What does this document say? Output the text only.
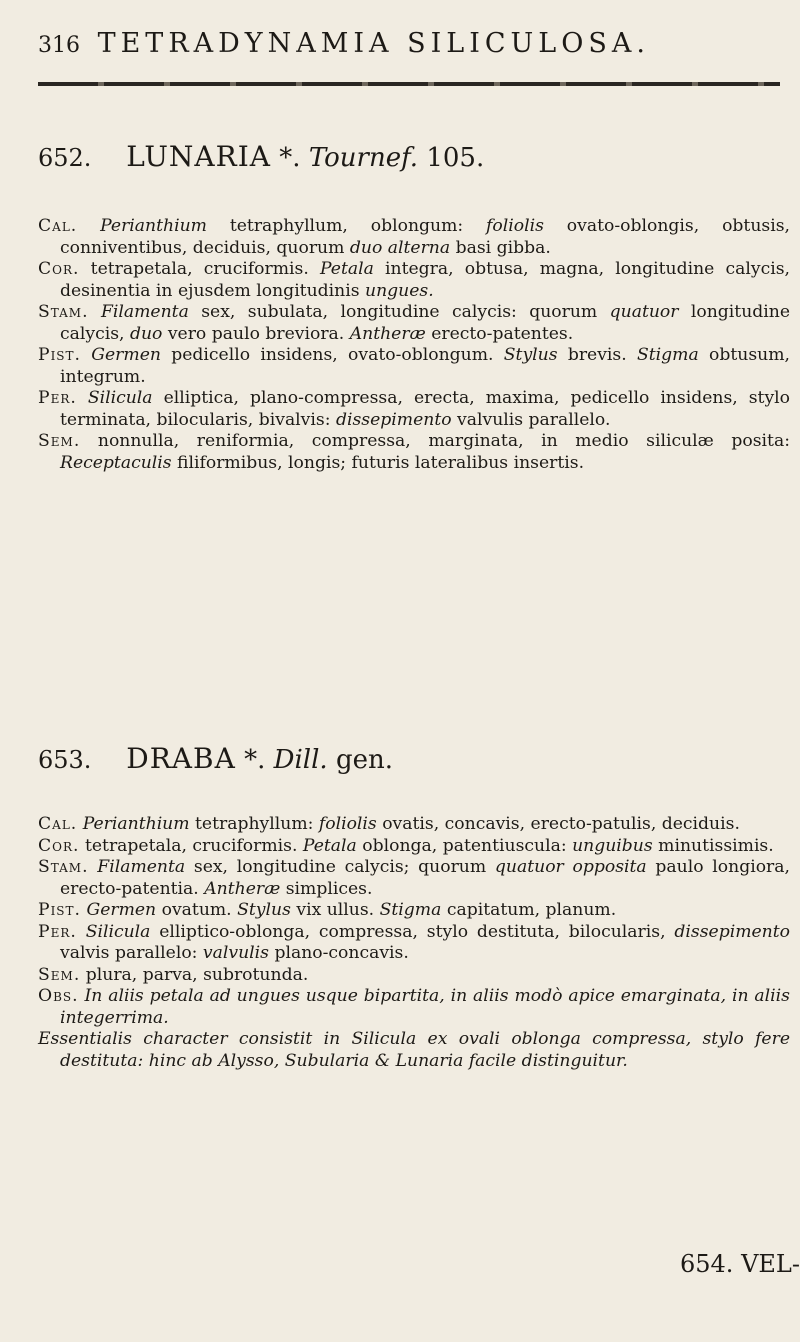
316 TETRADYNAMIA SILICULOSA.
652. LUNARIA *. Tournef. 105.

Cal. Perianthium tetraphyllum, oblongum: foliolis ovato-oblongis, obtusis, conniventibus, deciduis, quorum duo alterna basi gibba.

Cor. tetrapetala, cruciformis. Petala integra, obtusa, magna, longitudine calycis, desinentia in ejusdem longitudinis ungues.

Stam. Filamenta sex, subulata, longitudine calycis: quorum quatuor longitudine calycis, duo vero paulo breviora. Antheræ erecto-patentes.

Pist. Germen pedicello insidens, ovato-oblongum. Stylus brevis. Stigma obtusum, integrum.

Per. Silicula elliptica, plano-compressa, erecta, maxima, pedicello insidens, stylo terminata, bilocularis, bivalvis: dissepimento valvulis parallelo.

Sem. nonnulla, reniformia, compressa, marginata, in medio siliculæ posita: Receptaculis filiformibus, longis; futuris lateralibus insertis.

653. DRABA *. Dill. gen.

Cal. Perianthium tetraphyllum: foliolis ovatis, concavis, erecto-patulis, deciduis.

Cor. tetrapetala, cruciformis. Petala oblonga, patentiuscula: unguibus minutissimis.

Stam. Filamenta sex, longitudine calycis; quorum quatuor opposita paulo longiora, erecto-patentia. Antheræ simplices.

Pist. Germen ovatum. Stylus vix ullus. Stigma capitatum, planum.

Per. Silicula elliptico-oblonga, compressa, stylo destituta, bilocularis, dissepimento valvis parallelo: valvulis plano-concavis.

Sem. plura, parva, subrotunda.

Obs. In aliis petala ad ungues usque bipartita, in aliis modò apice emarginata, in aliis integerrima.

Essentialis character consistit in Silicula ex ovali oblonga compressa, stylo fere destituta: hinc ab Alysso, Subularia & Lunaria facile distinguitur.

654. VEL-
